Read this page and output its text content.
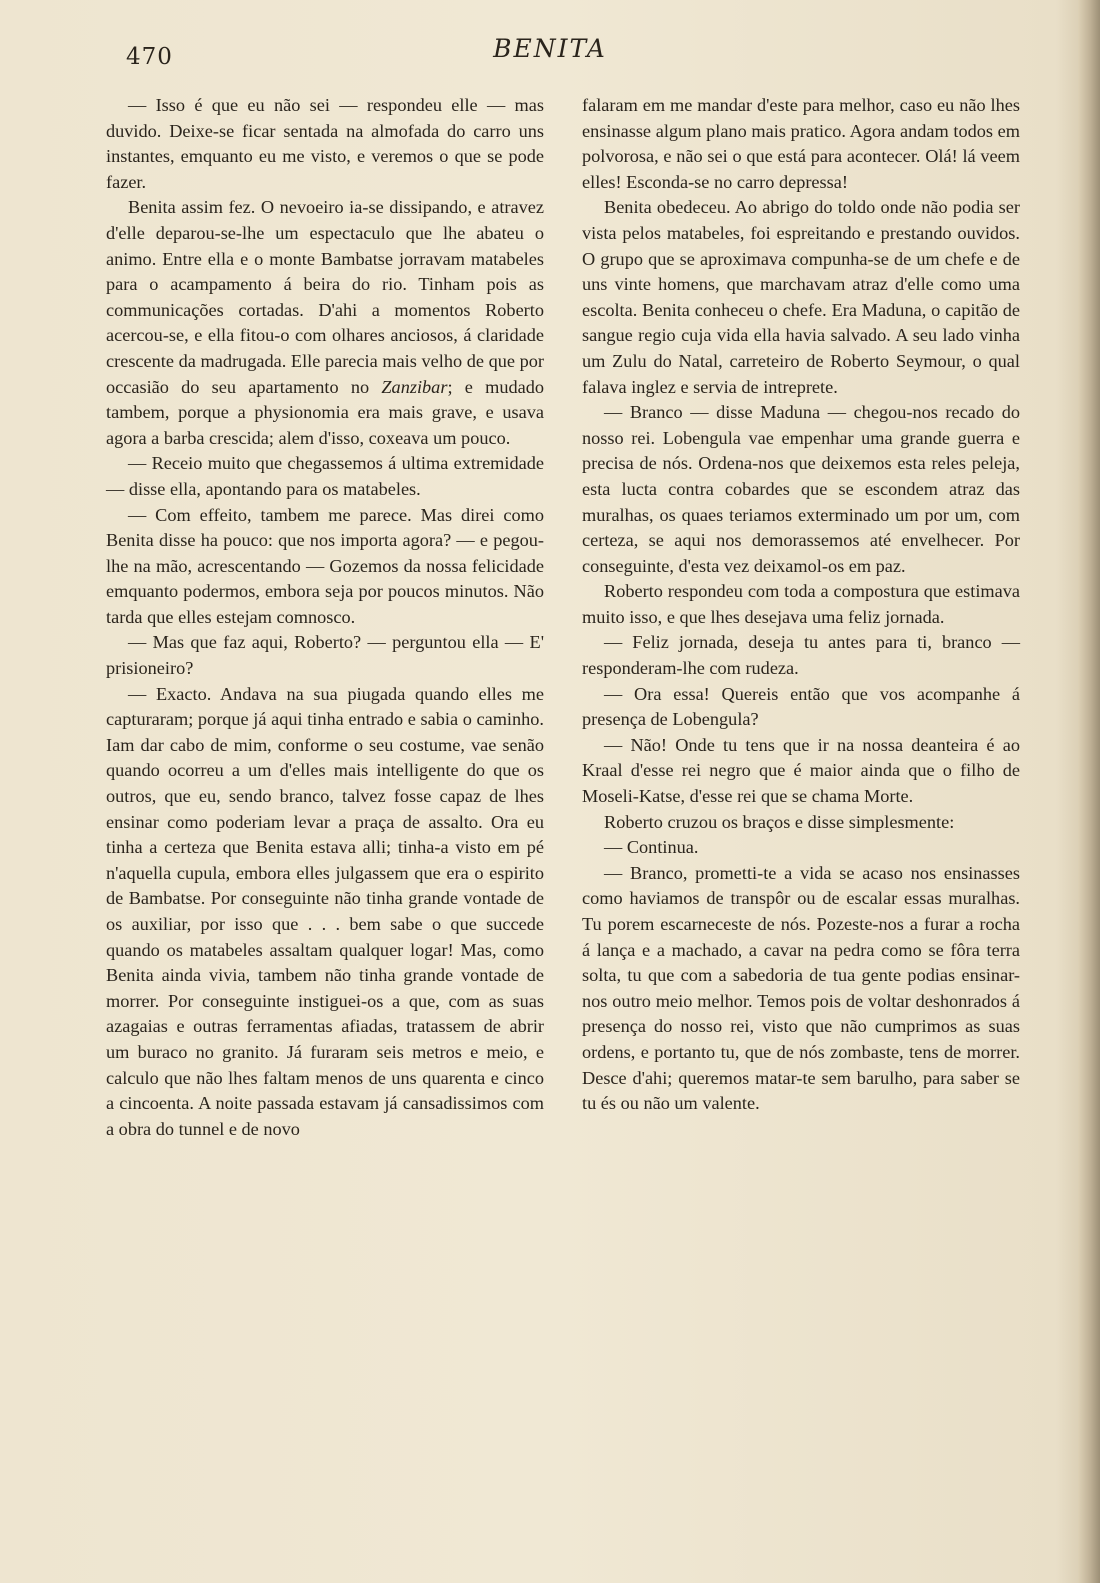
470	BENITA

— Isso é que eu não sei — respondeu elle — mas duvido. Deixe-se ficar sentada na almofada do carro uns instantes, emquanto eu me visto, e veremos o que se pode fazer.

Benita assim fez. O nevoeiro ia-se dissipando, e atravez d'elle deparou-se-lhe um espectaculo que lhe abateu o animo. Entre ella e o monte Bambatse jorravam matabeles para o acampamento á beira do rio. Tinham pois as communicações cortadas. D'ahi a momentos Roberto acercou-se, e ella fitou-o com olhares anciosos, á claridade crescente da madrugada. Elle parecia mais velho de que por occasião do seu apartamento no Zanzibar; e mudado tambem, porque a physionomia era mais grave, e usava agora a barba crescida; alem d'isso, coxeava um pouco.

— Receio muito que chegassemos á ultima extremidade — disse ella, apontando para os matabeles.

— Com effeito, tambem me parece. Mas direi como Benita disse ha pouco: que nos importa agora? — e pegou-lhe na mão, acrescentando — Gozemos da nossa felicidade emquanto podermos, embora seja por poucos minutos. Não tarda que elles estejam comnosco.

— Mas que faz aqui, Roberto? — perguntou ella — E' prisioneiro?

— Exacto. Andava na sua piugada quando elles me capturaram; porque já aqui tinha entrado e sabia o caminho. Iam dar cabo de mim, conforme o seu costume, vae senão quando ocorreu a um d'elles mais intelligente do que os outros, que eu, sendo branco, talvez fosse capaz de lhes ensinar como poderiam levar a praça de assalto. Ora eu tinha a certeza que Benita estava alli; tinha-a visto em pé n'aquella cupula, embora elles julgassem que era o espirito de Bambatse. Por conseguinte não tinha grande vontade de os auxiliar, por isso que . . . bem sabe o que succede quando os matabeles assaltam qualquer logar! Mas, como Benita ainda vivia, tambem não tinha grande vontade de morrer. Por conseguinte instiguei-os a que, com as suas azagaias e outras ferramentas afiadas, tratassem de abrir um buraco no granito. Já furaram seis metros e meio, e calculo que não lhes faltam menos de uns quarenta e cinco a cincoenta. A noite passada estavam já cansadissimos com a obra do tunnel e de novo

falaram em me mandar d'este para melhor, caso eu não lhes ensinasse algum plano mais pratico. Agora andam todos em polvorosa, e não sei o que está para acontecer. Olá! lá veem elles! Esconda-se no carro depressa!

Benita obedeceu. Ao abrigo do toldo onde não podia ser vista pelos matabeles, foi espreitando e prestando ouvidos. O grupo que se aproximava compunha-se de um chefe e de uns vinte homens, que marchavam atraz d'elle como uma escolta. Benita conheceu o chefe. Era Maduna, o capitão de sangue regio cuja vida ella havia salvado. A seu lado vinha um Zulu do Natal, carreteiro de Roberto Seymour, o qual falava inglez e servia de intreprete.

— Branco — disse Maduna — chegou-nos recado do nosso rei. Lobengula vae empenhar uma grande guerra e precisa de nós. Ordena-nos que deixemos esta reles peleja, esta lucta contra cobardes que se escondem atraz das muralhas, os quaes teriamos exterminado um por um, com certeza, se aqui nos demorassemos até envelhecer. Por conseguinte, d'esta vez deixamol-os em paz.

Roberto respondeu com toda a compostura que estimava muito isso, e que lhes desejava uma feliz jornada.

— Feliz jornada, deseja tu antes para ti, branco — responderam-lhe com rudeza.

— Ora essa! Quereis então que vos acompanhe á presença de Lobengula?

— Não! Onde tu tens que ir na nossa deanteira é ao Kraal d'esse rei negro que é maior ainda que o filho de Moseli-Katse, d'esse rei que se chama Morte.

Roberto cruzou os braços e disse simplesmente:

— Continua.

— Branco, prometti-te a vida se acaso nos ensinasses como haviamos de transpôr ou de escalar essas muralhas. Tu porem escarneceste de nós. Pozeste-nos a furar a rocha á lança e a machado, a cavar na pedra como se fôra terra solta, tu que com a sabedoria de tua gente podias ensinar-nos outro meio melhor. Temos pois de voltar deshonrados á presença do nosso rei, visto que não cumprimos as suas ordens, e portanto tu, que de nós zombaste, tens de morrer. Desce d'ahi; queremos matar-te sem barulho, para saber se tu és ou não um valente.
